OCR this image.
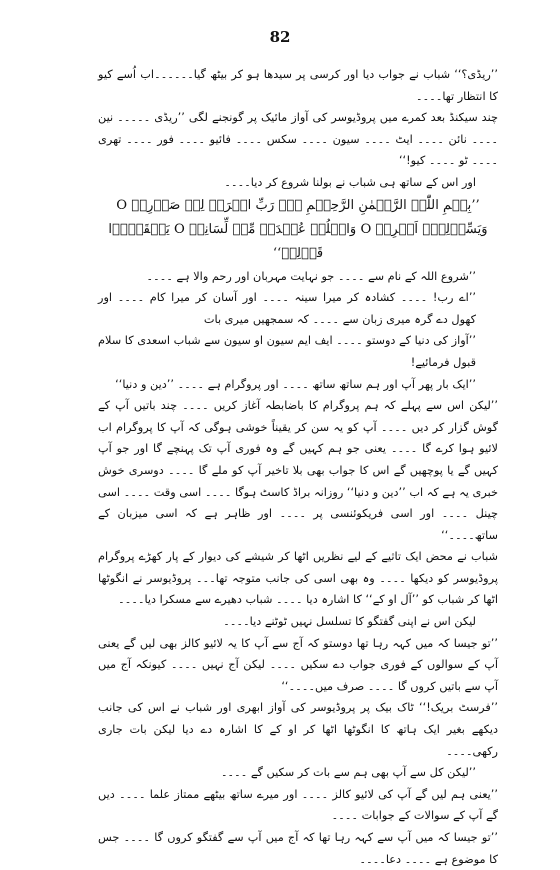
82

’’ریڈی؟‘‘ شباب نے جواب دیا اور کرسی پر سیدھا ہو کر بیٹھ گیا۔۔۔۔۔۔اب اُسے کیو کا انتظار تھا۔۔۔۔

چند سیکنڈ بعد کمرے میں پروڈیوسر کی آواز مائیک پر گونجنے لگی ’’ریڈی ۔۔۔۔۔ نین ۔۔۔۔ نائن ۔۔۔۔ ایٹ ۔۔۔۔ سیون ۔۔۔۔ سکس ۔۔۔۔ فائیو ۔۔۔۔ فور ۔۔۔۔ تھری ۔۔۔۔ ٹو ۔۔۔۔ کیو!‘‘

اور اس کے ساتھ ہی شباب نے بولنا شروع کر دیا۔۔۔۔

’’بِسۡمِ اللّٰہِ الرَّحۡمٰنِ الرَّحِیۡمِ ۔۔۔ رَبِّ اشۡرَحۡ لِیۡ صَدۡرِیۡ O وَیَسِّرۡلِیۡۤ اَمۡرِیۡ O وَاحۡلُلۡ عُقۡدَۃً مِّنۡ لِّسَانِیۡ O یَفۡقَہُوۡا قَوۡلِیۡ‘‘

’’شروع اللہ کے نام سے ۔۔۔۔ جو نہایت مہربان اور رحم والا ہے ۔۔۔۔

’’اے رب! ۔۔۔۔ کشادہ کر میرا سینہ ۔۔۔۔ اور آسان کر میرا کام ۔۔۔۔ اور کھول دے گرہ میری زبان سے ۔۔۔۔ کہ سمجھیں میری بات

’’آواز کی دنیا کے دوستو ۔۔۔۔ ایف ایم سیون او سیون سے شباب اسعدی کا سلام قبول فرمائیے!

’’ایک بار پھر آپ اور ہم ساتھ ساتھ ۔۔۔۔ اور پروگرام ہے ۔۔۔۔ ’’دین و دنیا‘‘

’’لیکن اس سے پہلے کہ ہم پروگرام کا باضابطہ آغاز کریں ۔۔۔۔ چند باتیں آپ کے گوش گزار کر دیں ۔۔۔۔ آپ کو یہ سن کر یقیناً خوشی ہوگی کہ آپ کا پروگرام اب لائیو ہوا کرے گا ۔۔۔۔ یعنی جو ہم کہیں گے وہ فوری آپ تک پہنچے گا اور جو آپ کہیں گے یا پوچھیں گے اس کا جواب بھی بلا تاخیر آپ کو ملے گا ۔۔۔۔ دوسری خوش خبری یہ ہے کہ اب ’’دین و دنیا‘‘ روزانہ براڈ کاسٹ ہوگا ۔۔۔۔ اسی وقت ۔۔۔۔ اسی چینل ۔۔۔۔ اور اسی فریکوئنسی پر ۔۔۔۔ اور ظاہر ہے کہ اسی میزبان کے ساتھ۔۔۔۔‘‘

شباب نے محض ایک تاثیے کے لیے نظریں اٹھا کر شیشے کی دیوار کے پار کھڑے پروگرام پروڈیوسر کو دیکھا ۔۔۔۔ وہ بھی اسی کی جانب متوجہ تھا۔۔۔ پروڈیوسر نے انگوٹھا اٹھا کر شباب کو ’’آل او کے‘‘ کا اشارہ دیا ۔۔۔۔ شباب دھیرے سے مسکرا دیا۔۔۔۔

لیکن اس نے اپنی گفتگو کا تسلسل نہیں ٹوٹنے دیا۔۔۔۔

’’تو جیسا کہ میں کہہ رہا تھا دوستو کہ آج سے آپ کا یہ لائیو کالز بھی لیں گے یعنی آپ کے سوالوں کے فوری جواب دے سکیں ۔۔۔۔ لیکن آج نہیں ۔۔۔۔ کیونکہ آج میں آپ سے باتیں کروں گا ۔۔۔۔ صرف میں۔۔۔۔‘‘

’’فرسٹ بریک!‘‘ ٹاک بیک پر پروڈیوسر کی آواز ابھری اور شباب نے اس کی جانب دیکھے بغیر ایک ہاتھ کا انگوٹھا اٹھا کر او کے کا اشارہ دے دیا لیکن بات جاری رکھی۔۔۔۔

’’لیکن کل سے آپ بھی ہم سے بات کر سکیں گے ۔۔۔۔

’’یعنی ہم لیں گے آپ کی لائیو کالز ۔۔۔۔ اور میرے ساتھ بیٹھے ممتاز علما ۔۔۔۔ دیں گے آپ کے سوالات کے جوابات ۔۔۔۔

’’تو جیسا کہ میں آپ سے کہہ رہا تھا کہ آج میں آپ سے گفتگو کروں گا ۔۔۔۔ جس کا موضوع ہے ۔۔۔۔ دعا۔۔۔۔
